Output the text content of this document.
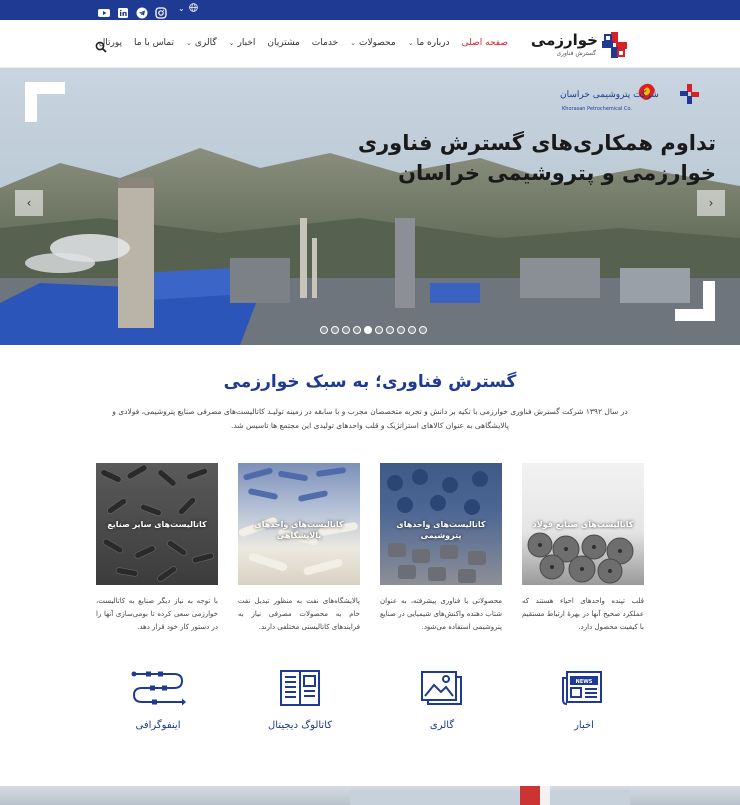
⌄
خوارزمی
گسترش فناوری
صفحه اصلی
درباره ما
⌄
محصولات
⌄
خدمات
مشتریان
اخبار
⌄
گالری
⌄
تماس با ما
پورتال
شرکت پتروشیمی خراسان
Khorasan Petrochemical Co.
تداوم همکاری‌های گسترش فناوری
خوارزمی و پتروشیمی خراسان
‹	›
گسترش فناوری؛ به سبک خوارزمی
در سال ۱۳۹۲ شرکت گسترش فناوری خوارزمی با تکیه بر دانش و تجربه متخصصان مجرب و با سابقه در زمینه تولیـد کاتالیست‌های مصرفی صنایع پتروشیمی، فولادی و پالایشگاهی به عنوان کالاهای استراتژیک و قلب واحدهای تولیدی این مجتمع ها تاسیس شد.
کاتالیست‌های صنایع فولاد
قلب تپنده واحدهای احیاء هستند که عملکرد صحیح آنها در بهرهٔ ارتباط مستقیم با کیفیت محصول دارد.
کاتالیست‌های واحدهای پتروشیمی
محصولاتی با فناوری پیشرفته، به عنوان شتاب دهنده واکنش‌های شیمیایی در صنایع پتروشیمی استفاده می‌شود.
کاتالیست‌های واحدهای پالایشگاهی
پالایشگاه‌های نفت به منظور تبدیل نفت خام به محصولات مصرفی نیاز به فرایندهای کاتالیستی مختلفی دارند.
کاتالیست‌های سایر صنایع
با توجه به نیاز دیگر صنایع به کاتالیست، خوارزمی سعی کرده تا بومی‌سازی آنها را در دستور کار خود قرار دهد.
NEWS
اخبار
گالری
کاتالوگ دیجیتال
اینفوگرافی
